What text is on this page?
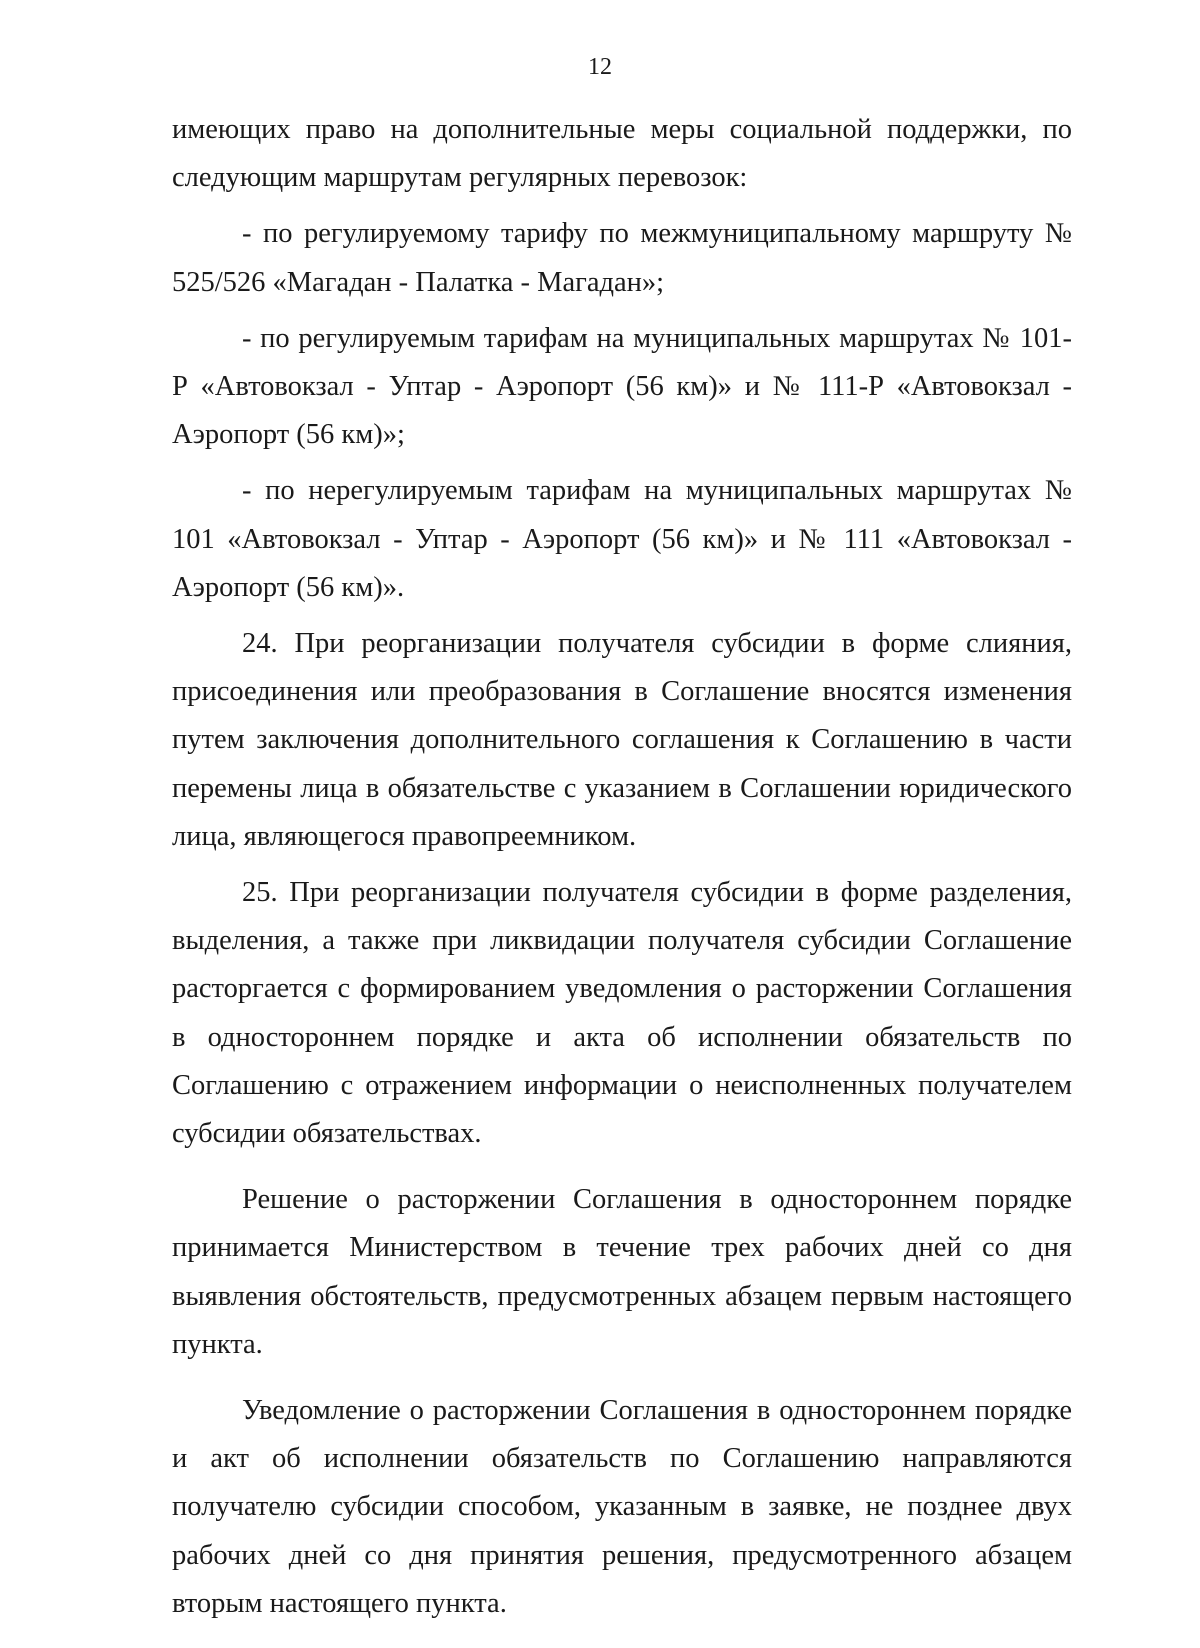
12

имеющих право на дополнительные меры социальной поддержки, по следующим маршрутам регулярных перевозок:

- по регулируемому тарифу по межмуниципальному маршруту № 525/526 «Магадан - Палатка - Магадан»;

- по регулируемым тарифам на муниципальных маршрутах № 101-Р «Автовокзал - Уптар - Аэропорт (56 км)» и № 111-Р «Автовокзал - Аэропорт (56 км)»;

- по нерегулируемым тарифам на муниципальных маршрутах № 101 «Автовокзал - Уптар - Аэропорт (56 км)» и № 111 «Автовокзал - Аэропорт (56 км)».

24. При реорганизации получателя субсидии в форме слияния, присоединения или преобразования в Соглашение вносятся изменения путем заключения дополнительного соглашения к Соглашению в части перемены лица в обязательстве с указанием в Соглашении юридического лица, являющегося правопреемником.

25. При реорганизации получателя субсидии в форме разделения, выделения, а также при ликвидации получателя субсидии Соглашение расторгается с формированием уведомления о расторжении Соглашения в одностороннем порядке и акта об исполнении обязательств по Соглашению с отражением информации о неисполненных получателем субсидии обязательствах.

Решение о расторжении Соглашения в одностороннем порядке принимается Министерством в течение трех рабочих дней со дня выявления обстоятельств, предусмотренных абзацем первым настоящего пункта.

Уведомление о расторжении Соглашения в одностороннем порядке и акт об исполнении обязательств по Соглашению направляются получателю субсидии способом, указанным в заявке, не позднее двух рабочих дней со дня принятия решения, предусмотренного абзацем вторым настоящего пункта.
